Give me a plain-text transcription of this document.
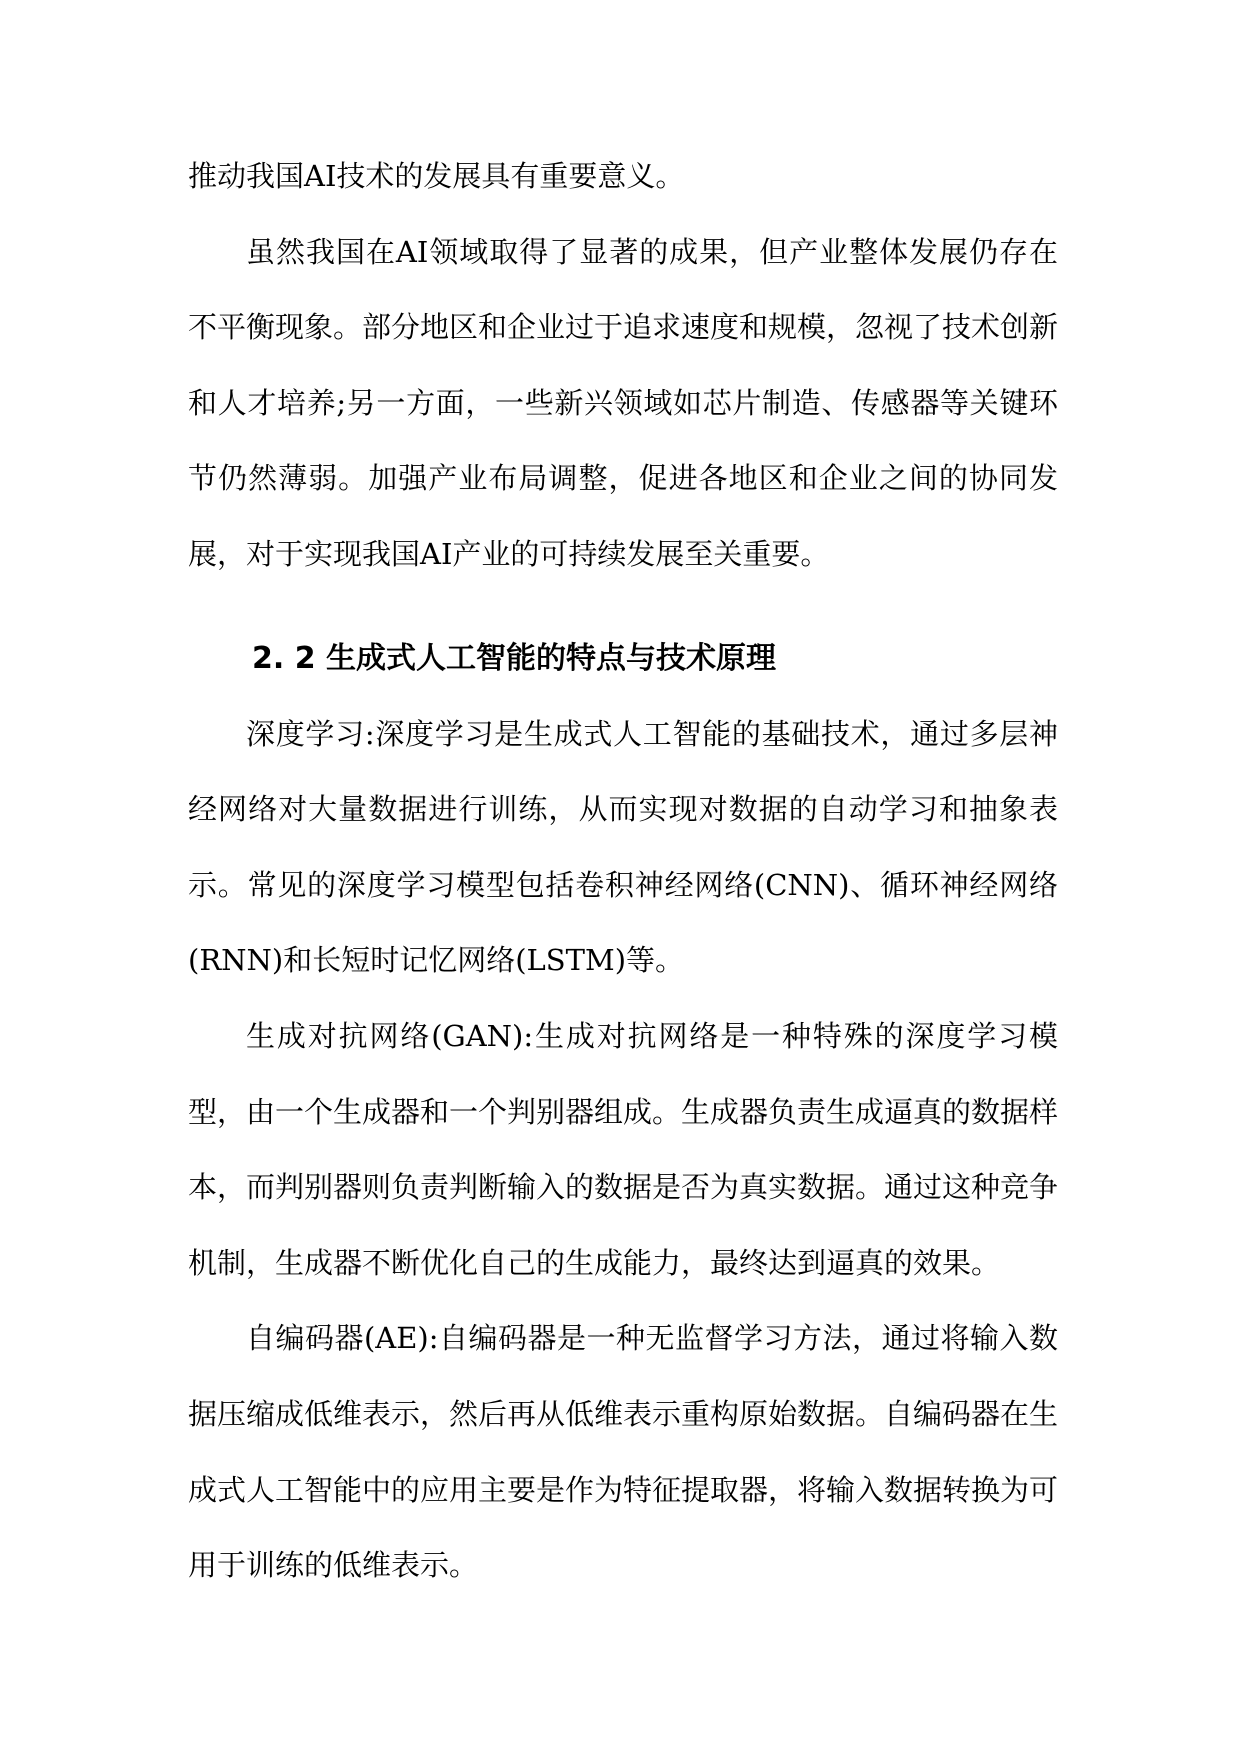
推动我国AI技术的发展具有重要意义。

虽然我国在AI领域取得了显著的成果，但产业整体发展仍存在不平衡现象。部分地区和企业过于追求速度和规模，忽视了技术创新和人才培养;另一方面，一些新兴领域如芯片制造、传感器等关键环节仍然薄弱。加强产业布局调整，促进各地区和企业之间的协同发展，对于实现我国AI产业的可持续发展至关重要。

2. 2 生成式人工智能的特点与技术原理

深度学习:深度学习是生成式人工智能的基础技术，通过多层神经网络对大量数据进行训练，从而实现对数据的自动学习和抽象表示。常见的深度学习模型包括卷积神经网络(CNN)、循环神经网络(RNN)和长短时记忆网络(LSTM)等。

生成对抗网络(GAN):生成对抗网络是一种特殊的深度学习模型，由一个生成器和一个判别器组成。生成器负责生成逼真的数据样本，而判别器则负责判断输入的数据是否为真实数据。通过这种竞争机制，生成器不断优化自己的生成能力，最终达到逼真的效果。

自编码器(AE):自编码器是一种无监督学习方法，通过将输入数据压缩成低维表示，然后再从低维表示重构原始数据。自编码器在生成式人工智能中的应用主要是作为特征提取器，将输入数据转换为可用于训练的低维表示。
